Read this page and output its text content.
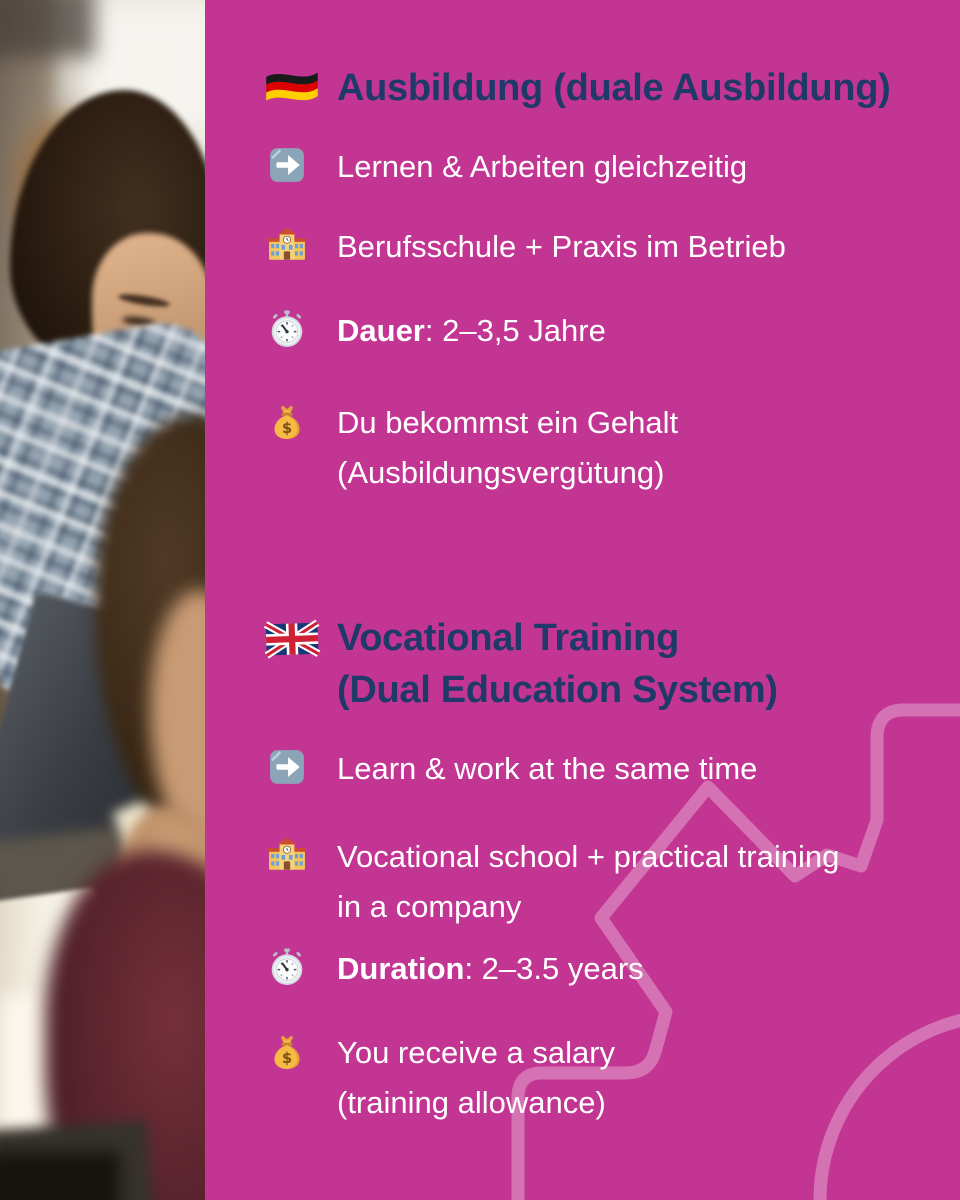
Ausbildung (duale Ausbildung)
Lernen & Arbeiten gleichzeitig
Berufsschule + Praxis im Betrieb
Dauer: 2–3,5 Jahre
Du bekommst ein Gehalt
(Ausbildungsvergütung)
Vocational Training
(Dual Education System)
Learn & work at the same time
Vocational school + practical training
in a company
Duration: 2–3.5 years
You receive a salary
(training allowance)
